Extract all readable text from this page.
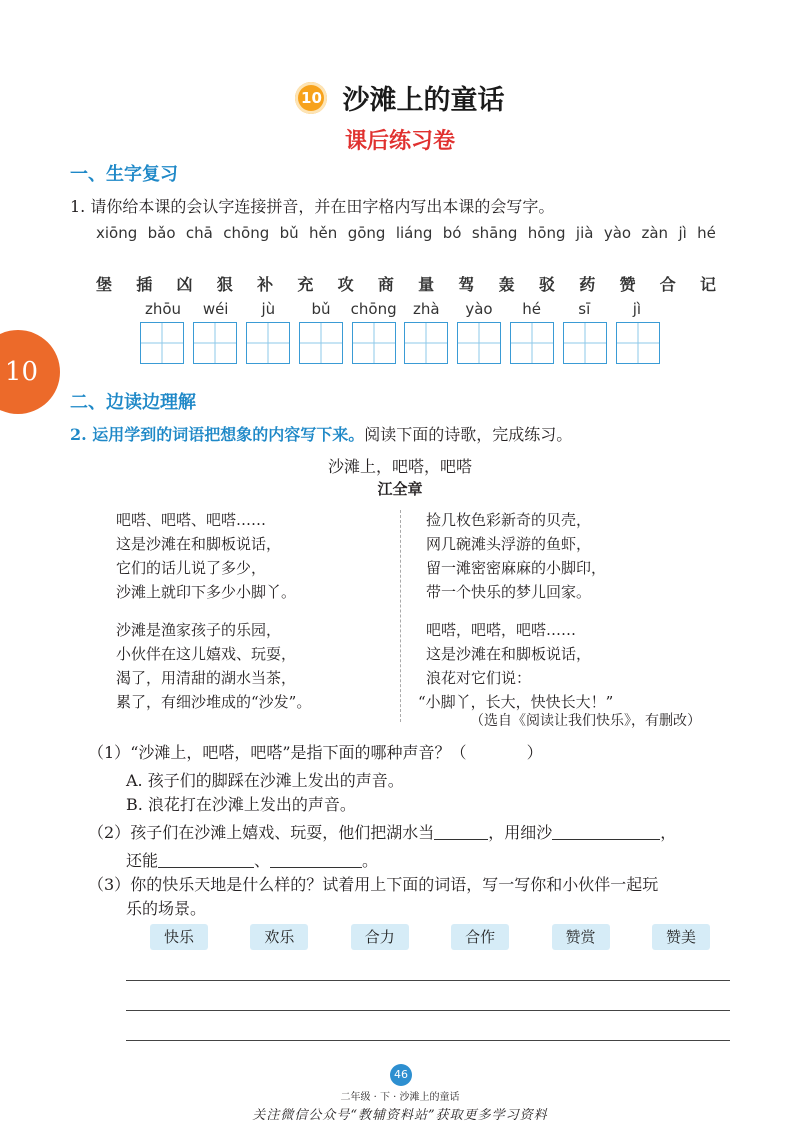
10 沙滩上的童话
课后练习卷
10
一、生字复习
1. 请你给本课的会认字连接拼音，并在田字格内写出本课的会写字。
xiōng bǎo chā chōng bǔ hěn gōng liáng bó shāng hōng jià yào zàn jì hé
堡 插 凶 狠 补 充 攻 商 量 驾 轰 驳 药 赞 合 记
zhōu	wéi	jù	bǔ	chōng	zhà	yào	hé	sī	jì
二、边读边理解
2. 运用学到的词语把想象的内容写下来。阅读下面的诗歌，完成练习。
沙滩上，吧嗒，吧嗒
江全章
吧嗒、吧嗒、吧嗒……
这是沙滩在和脚板说话，
它们的话儿说了多少，
沙滩上就印下多少小脚丫。
沙滩是渔家孩子的乐园，
小伙伴在这儿嬉戏、玩耍，
渴了，用清甜的湖水当茶，
累了，有细沙堆成的“沙发”。
捡几枚色彩新奇的贝壳，
网几碗滩头浮游的鱼虾，
留一滩密密麻麻的小脚印，
带一个快乐的梦儿回家。
吧嗒，吧嗒，吧嗒……
这是沙滩在和脚板说话，
浪花对它们说：
“小脚丫，长大，快快长大！”
（选自《阅读让我们快乐》，有删改）
（1）“沙滩上，吧嗒，吧嗒”是指下面的哪种声音？（	）
A. 孩子们的脚踩在沙滩上发出的声音。
B. 浪花打在沙滩上发出的声音。
（2）孩子们在沙滩上嬉戏、玩耍，他们把湖水当	，用细沙	，
还能	、	。
（3）你的快乐天地是什么样的？试着用上下面的词语，写一写你和小伙伴一起玩
乐的场景。
快乐	欢乐	合力	合作	赞赏	赞美
46
二年级 · 下 · 沙滩上的童话
关注微信公众号“教辅资料站”获取更多学习资料
